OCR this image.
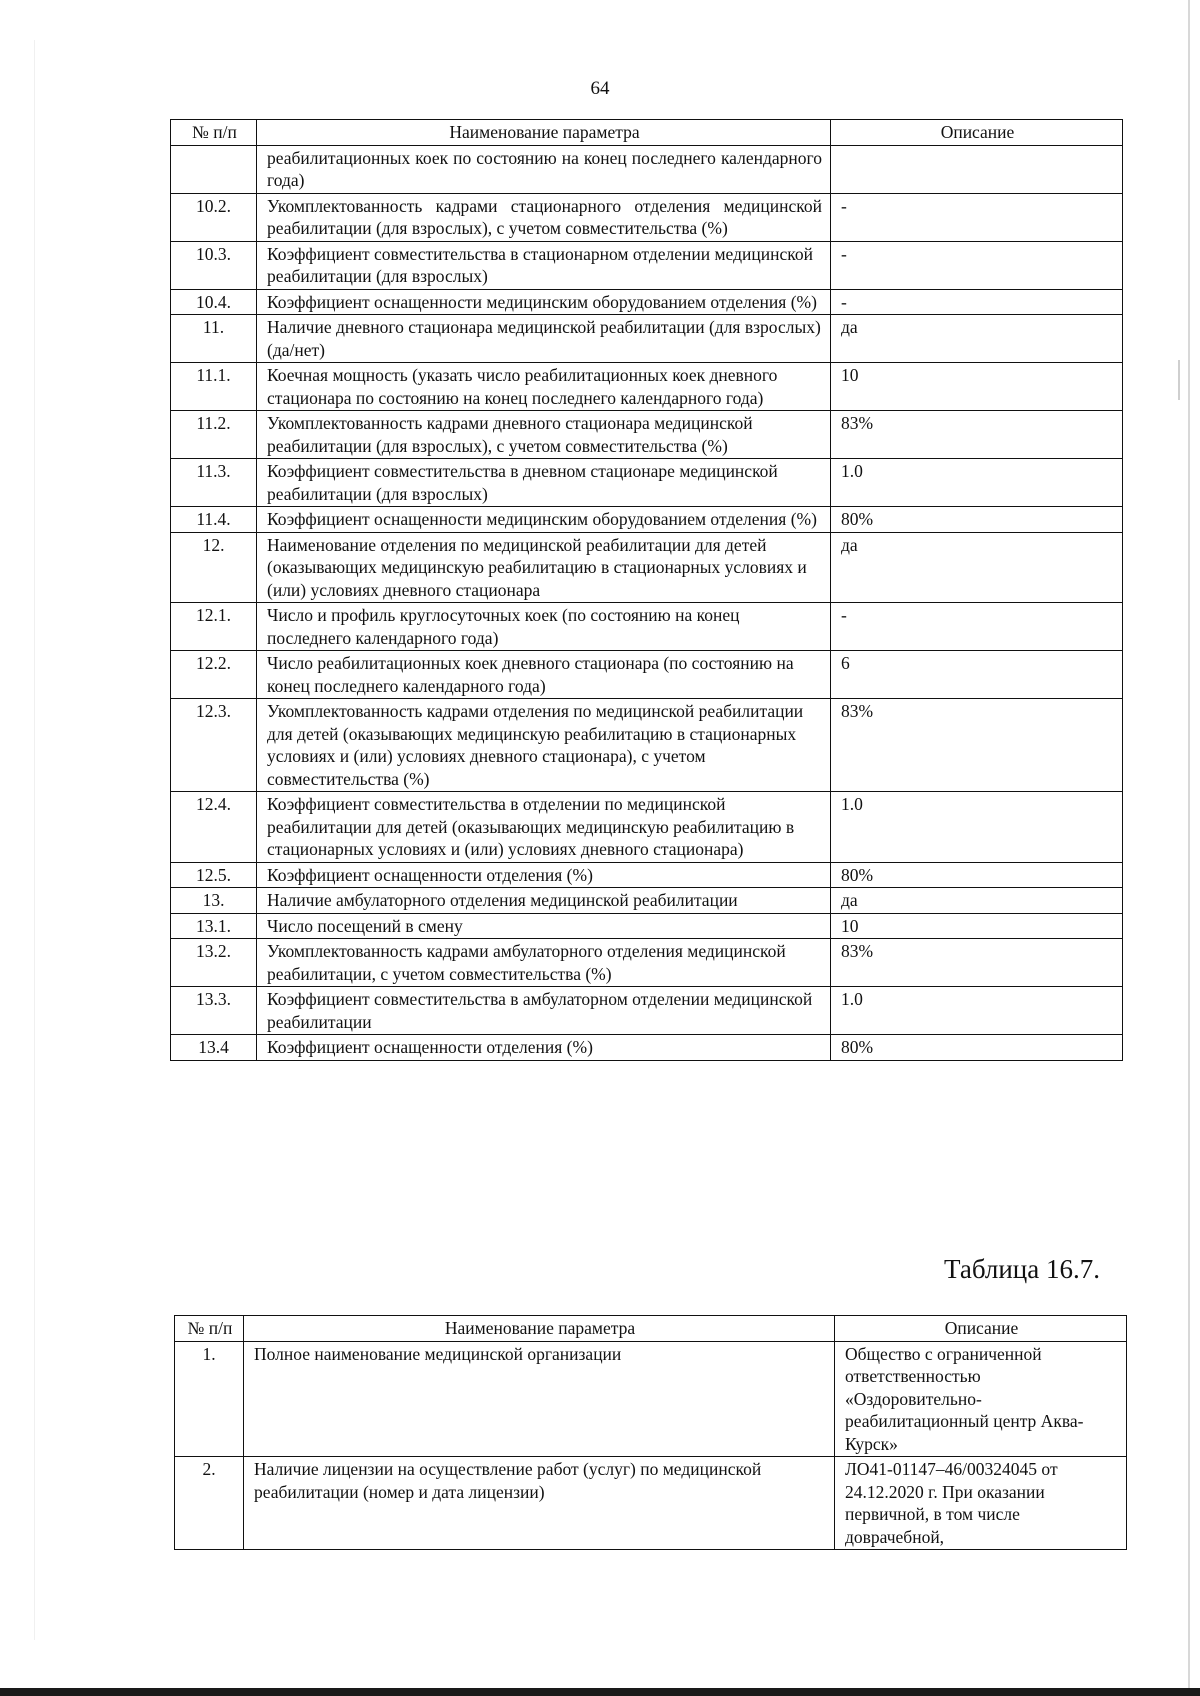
64
№ п/п	Наименование параметра	Описание
	реабилитационных коек по состоянию на конец последнего календарного года)	
10.2.	Укомплектованность кадрами стационарного отделения медицинской реабилитации (для взрослых), с учетом совместительства (%)	-
10.3.	Коэффициент совместительства в стационарном отделении медицинской реабилитации (для взрослых)	-
10.4.	Коэффициент оснащенности медицинским оборудованием отделения (%)	-
11.	Наличие дневного стационара медицинской реабилитации (для взрослых) (да/нет)	да
11.1.	Коечная мощность (указать число реабилитационных коек дневного стационара по состоянию на конец последнего календарного года)	10
11.2.	Укомплектованность кадрами дневного стационара медицинской реабилитации (для взрослых), с учетом совместительства (%)	83%
11.3.	Коэффициент совместительства в дневном стационаре медицинской реабилитации (для взрослых)	1.0
11.4.	Коэффициент оснащенности медицинским оборудованием отделения (%)	80%
12.	Наименование отделения по медицинской реабилитации для детей (оказывающих медицинскую реабилитацию в стационарных условиях и (или) условиях дневного стационара	да
12.1.	Число и профиль круглосуточных коек (по состоянию на конец последнего календарного года)	-
12.2.	Число реабилитационных коек дневного стационара (по состоянию на конец последнего календарного года)	6
12.3.	Укомплектованность кадрами отделения по медицинской реабилитации для детей (оказывающих медицинскую реабилитацию в стационарных условиях и (или) условиях дневного стационара), с учетом совместительства (%)	83%
12.4.	Коэффициент совместительства в отделении по медицинской реабилитации для детей (оказывающих медицинскую реабилитацию в стационарных условиях и (или) условиях дневного стационара)	1.0
12.5.	Коэффициент оснащенности отделения (%)	80%
13.	Наличие амбулаторного отделения медицинской реабилитации	да
13.1.	Число посещений в смену	10
13.2.	Укомплектованность кадрами амбулаторного отделения медицинской реабилитации, с учетом совместительства (%)	83%
13.3.	Коэффициент совместительства в амбулаторном отделении медицинской реабилитации	1.0
13.4	Коэффициент оснащенности отделения (%)	80%
Таблица 16.7.
№ п/п	Наименование параметра	Описание
1.	Полное наименование медицинской организации	Общество с ограниченной ответственностью «Оздоровительно-реабилитационный центр Аква-Курск»
2.	Наличие лицензии на осуществление работ (услуг) по медицинской реабилитации (номер и дата лицензии)	ЛО41-01147–46/00324045 от 24.12.2020 г. При оказании первичной, в том числе доврачебной,
